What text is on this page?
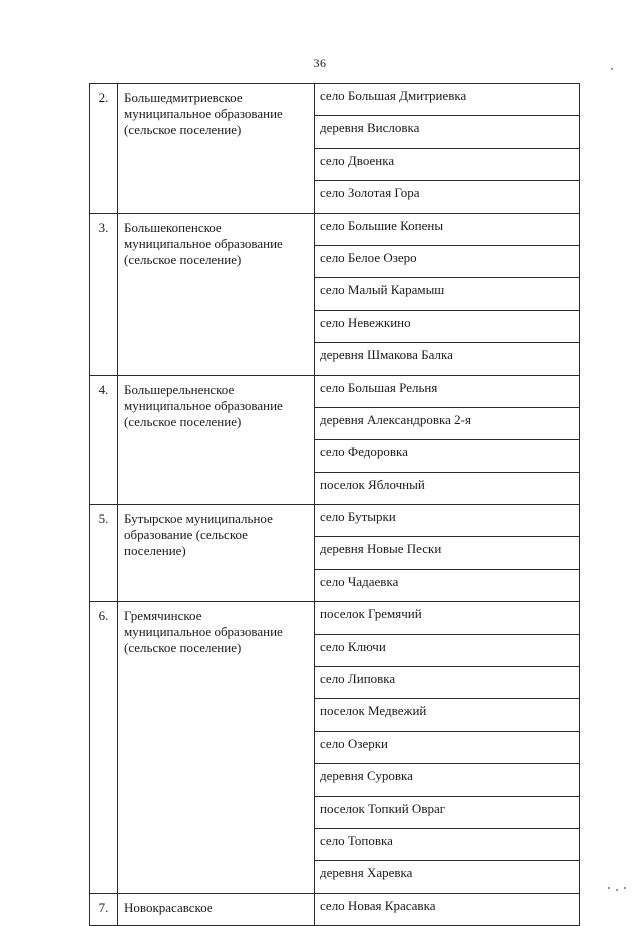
36
2.	Большедмитриевское
муниципальное образование
(сельское поселение)	село Большая Дмитриевка
		деревня Висловка
		село Двоенка
		село Золотая Гора
3.	Большекопенское
муниципальное образование
(сельское поселение)	село Большие Копены
		село Белое Озеро
		село Малый Карамыш
		село Невежкино
		деревня Шмакова Балка
4.	Большерельненское
муниципальное образование
(сельское поселение)	село Большая Рельня
		деревня Александровка 2-я
		село Федоровка
		поселок Яблочный
5.	Бутырское муниципальное
образование (сельское
поселение)	село Бутырки
		деревня Новые Пески
		село Чадаевка
6.	Гремячинское
муниципальное образование
(сельское поселение)	поселок Гремячий
		село Ключи
		село Липовка
		поселок Медвежий
		село Озерки
		деревня Суровка
		поселок Топкий Овраг
		село Топовка
		деревня Харевка
7.	Новокрасавское	село Новая Красавка
